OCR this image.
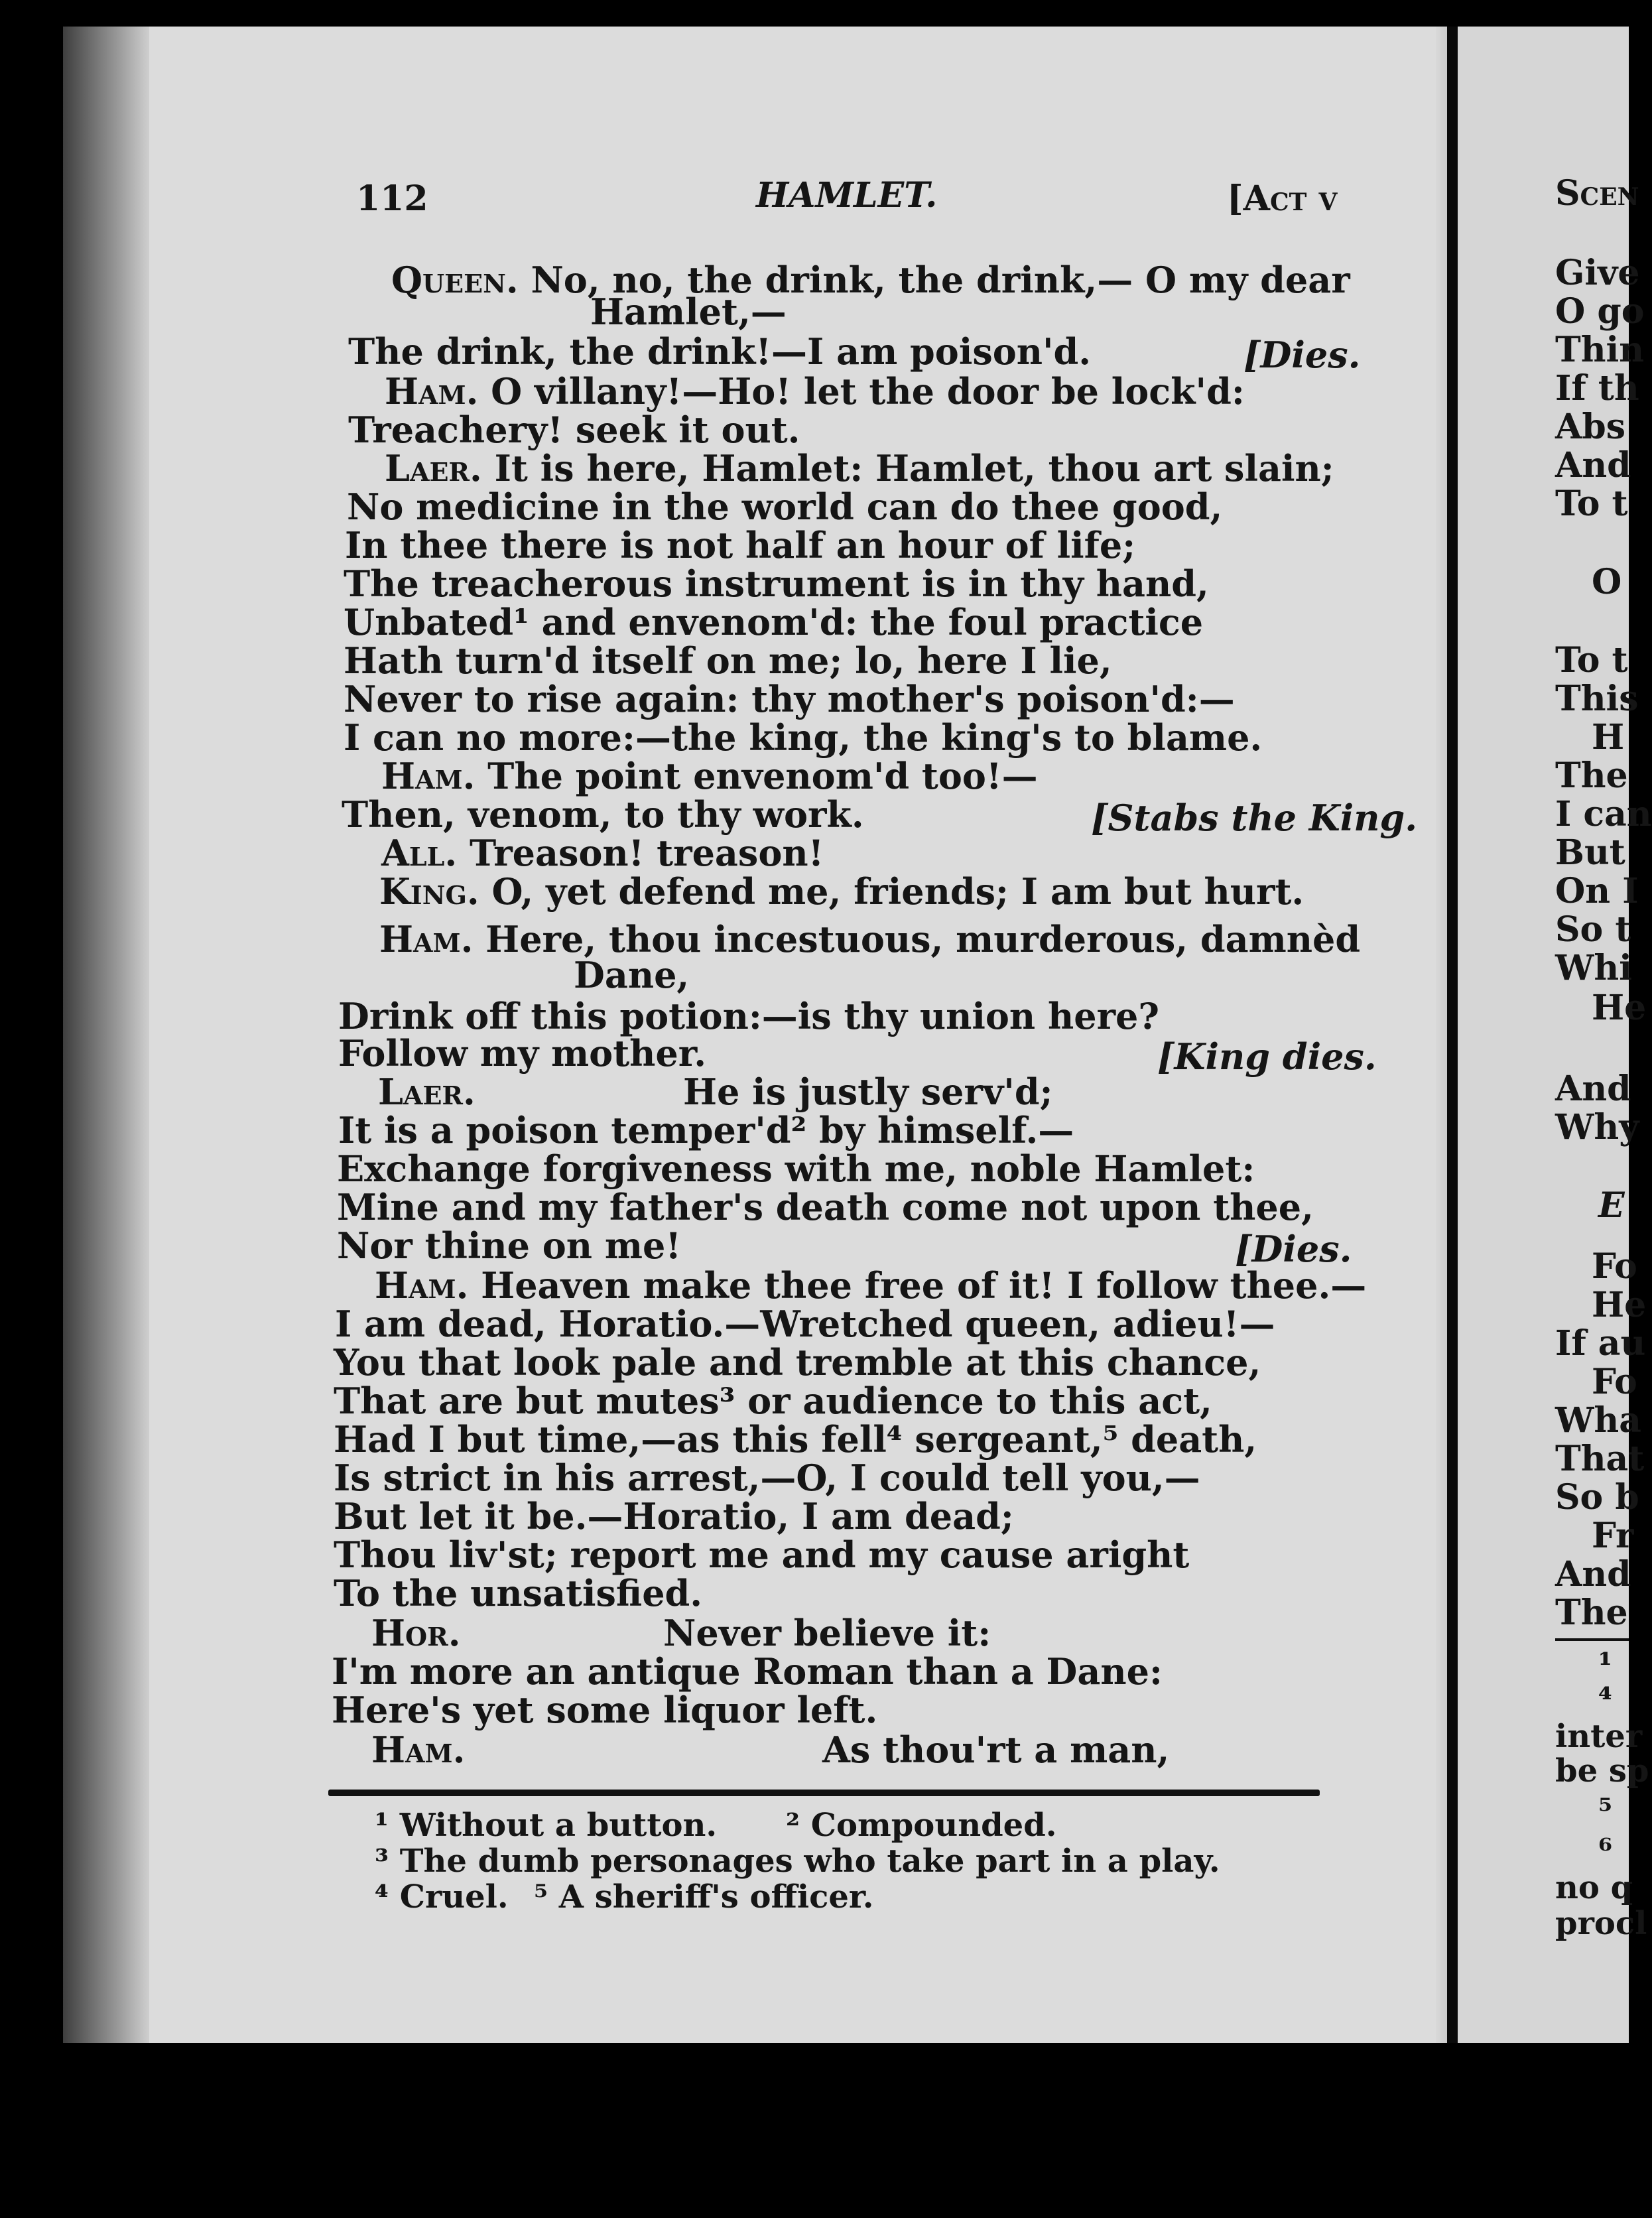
112	HAMLET.	[Act v
Queen. No, no, the drink, the drink,— O my dear
Hamlet,—
The drink, the drink!—I am poison'd.	[Dies.
Ham. O villany!—Ho! let the door be lock'd:
Treachery! seek it out.
Laer. It is here, Hamlet: Hamlet, thou art slain;
No medicine in the world can do thee good,
In thee there is not half an hour of life;
The treacherous instrument is in thy hand,
Unbated¹ and envenom'd: the foul practice
Hath turn'd itself on me; lo, here I lie,
Never to rise again: thy mother's poison'd:—
I can no more:—the king, the king's to blame.
Ham. The point envenom'd too!—
Then, venom, to thy work.	[Stabs the King.
All. Treason! treason!
King. O, yet defend me, friends; I am but hurt.
Ham. Here, thou incestuous, murderous, damnèd
Dane,
Drink off this potion:—is thy union here?
Follow my mother.	[King dies.
Laer.	He is justly serv'd;
It is a poison temper'd² by himself.—
Exchange forgiveness with me, noble Hamlet:
Mine and my father's death come not upon thee,
Nor thine on me!	[Dies.
Ham. Heaven make thee free of it! I follow thee.—
I am dead, Horatio.—Wretched queen, adieu!—
You that look pale and tremble at this chance,
That are but mutes³ or audience to this act,
Had I but time,—as this fell⁴ sergeant,⁵ death,
Is strict in his arrest,—O, I could tell you,—
But let it be.—Horatio, I am dead;
Thou liv'st; report me and my cause aright
To the unsatisfied.
Hor.	Never believe it:
I'm more an antique Roman than a Dane:
Here's yet some liquor left.
Ham.	As thou'rt a man,
¹ Without a button. ² Compounded.
³ The dumb personages who take part in a play.
⁴ Cruel. ⁵ A sheriff's officer.
Scen
Give
O go
Thin
If th
Abs
And
To t
O
To t
This
H
The
I can
But
On I
So t
Whi
He
And
Why
E
Fo
He
If au
Fo
Wha
That
So b
Fr
And
The
¹
⁴
inter
be sp
⁵
⁶
no q
procl
